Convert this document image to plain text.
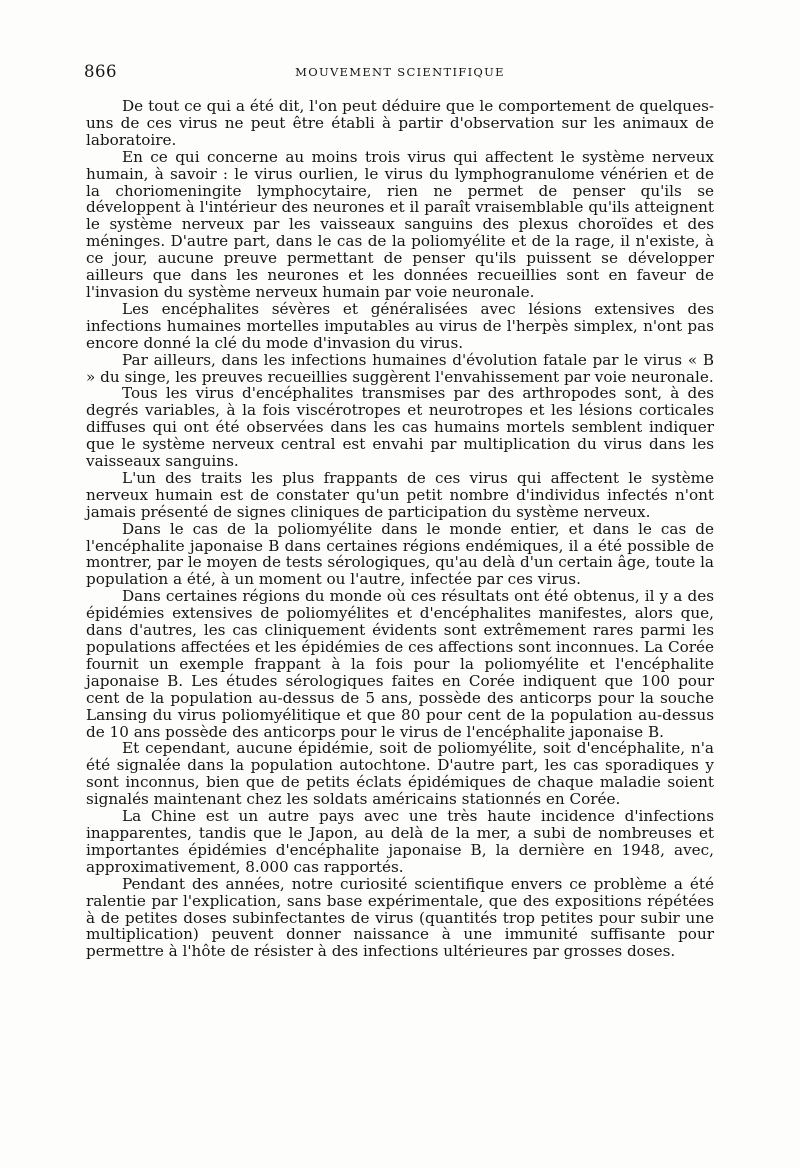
866	MOUVEMENT SCIENTIFIQUE

De tout ce qui a été dit, l'on peut déduire que le comportement de quelques-uns de ces virus ne peut être établi à partir d'observation sur les animaux de laboratoire.

En ce qui concerne au moins trois virus qui affectent le système nerveux humain, à savoir : le virus ourlien, le virus du lymphogranulome vénérien et de la choriomeningite lymphocytaire, rien ne permet de penser qu'ils se développent à l'intérieur des neurones et il paraît vraisemblable qu'ils atteignent le système nerveux par les vaisseaux sanguins des plexus choroïdes et des méninges. D'autre part, dans le cas de la poliomyélite et de la rage, il n'existe, à ce jour, aucune preuve permettant de penser qu'ils puissent se développer ailleurs que dans les neurones et les données recueillies sont en faveur de l'invasion du système nerveux humain par voie neuronale.

Les encéphalites sévères et généralisées avec lésions extensives des infections humaines mortelles imputables au virus de l'herpès simplex, n'ont pas encore donné la clé du mode d'invasion du virus.

Par ailleurs, dans les infections humaines d'évolution fatale par le virus « B » du singe, les preuves recueillies suggèrent l'envahissement par voie neuronale.

Tous les virus d'encéphalites transmises par des arthropodes sont, à des degrés variables, à la fois viscérotropes et neurotropes et les lésions corticales diffuses qui ont été observées dans les cas humains mortels semblent indiquer que le système nerveux central est envahi par multiplication du virus dans les vaisseaux sanguins.

L'un des traits les plus frappants de ces virus qui affectent le système nerveux humain est de constater qu'un petit nombre d'individus infectés n'ont jamais présenté de signes cliniques de participation du système nerveux.

Dans le cas de la poliomyélite dans le monde entier, et dans le cas de l'encéphalite japonaise B dans certaines régions endémiques, il a été possible de montrer, par le moyen de tests sérologiques, qu'au delà d'un certain âge, toute la population a été, à un moment ou l'autre, infectée par ces virus.

Dans certaines régions du monde où ces résultats ont été obtenus, il y a des épidémies extensives de poliomyélites et d'encéphalites manifestes, alors que, dans d'autres, les cas cliniquement évidents sont extrêmement rares parmi les populations affectées et les épidémies de ces affections sont inconnues. La Corée fournit un exemple frappant à la fois pour la poliomyélite et l'encéphalite japonaise B. Les études sérologiques faites en Corée indiquent que 100 pour cent de la population au-dessus de 5 ans, possède des anticorps pour la souche Lansing du virus poliomyélitique et que 80 pour cent de la population au-dessus de 10 ans possède des anticorps pour le virus de l'encéphalite japonaise B.

Et cependant, aucune épidémie, soit de poliomyélite, soit d'encéphalite, n'a été signalée dans la population autochtone. D'autre part, les cas sporadiques y sont inconnus, bien que de petits éclats épidémiques de chaque maladie soient signalés maintenant chez les soldats américains stationnés en Corée.

La Chine est un autre pays avec une très haute incidence d'infections inapparentes, tandis que le Japon, au delà de la mer, a subi de nombreuses et importantes épidémies d'encéphalite japonaise B, la dernière en 1948, avec, approximativement, 8.000 cas rapportés.

Pendant des années, notre curiosité scientifique envers ce problème a été ralentie par l'explication, sans base expérimentale, que des expositions répétées à de petites doses subinfectantes de virus (quantités trop petites pour subir une multiplication) peuvent donner naissance à une immunité suffisante pour permettre à l'hôte de résister à des infections ultérieures par grosses doses.
